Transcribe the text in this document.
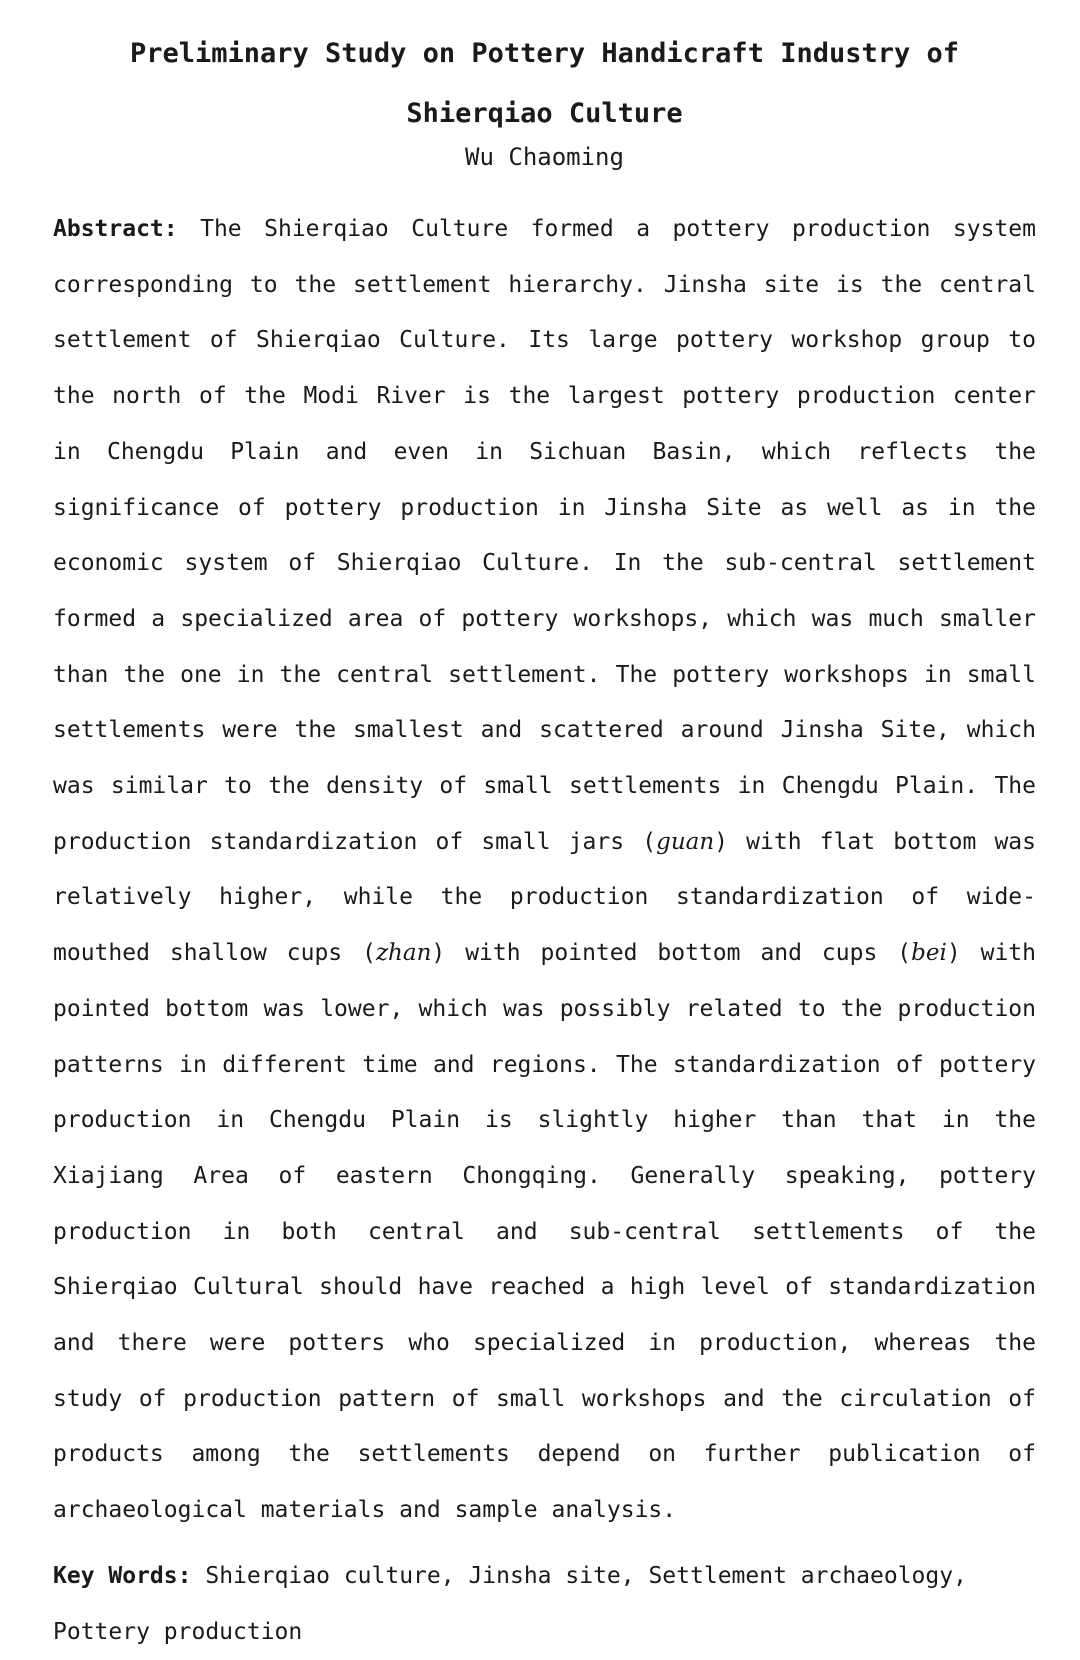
Preliminary Study on Pottery Handicraft Industry of Shierqiao Culture

Wu Chaoming

Abstract: The Shierqiao Culture formed a pottery production system corresponding to the settlement hierarchy. Jinsha site is the central settlement of Shierqiao Culture. Its large pottery workshop group to the north of the Modi River is the largest pottery production center in Chengdu Plain and even in Sichuan Basin, which reflects the significance of pottery production in Jinsha Site as well as in the economic system of Shierqiao Culture. In the sub-central settlement formed a specialized area of pottery workshops, which was much smaller than the one in the central settlement. The pottery workshops in small settlements were the smallest and scattered around Jinsha Site, which was similar to the density of small settlements in Chengdu Plain. The production standardization of small jars (guan) with flat bottom was relatively higher, while the production standardization of wide-mouthed shallow cups (zhan) with pointed bottom and cups (bei) with pointed bottom was lower, which was possibly related to the production patterns in different time and regions. The standardization of pottery production in Chengdu Plain is slightly higher than that in the Xiajiang Area of eastern Chongqing. Generally speaking, pottery production in both central and sub-central settlements of the Shierqiao Cultural should have reached a high level of standardization and there were potters who specialized in production, whereas the study of production pattern of small workshops and the circulation of products among the settlements depend on further publication of archaeological materials and sample analysis.

Key Words: Shierqiao culture, Jinsha site, Settlement archaeology, Pottery production
